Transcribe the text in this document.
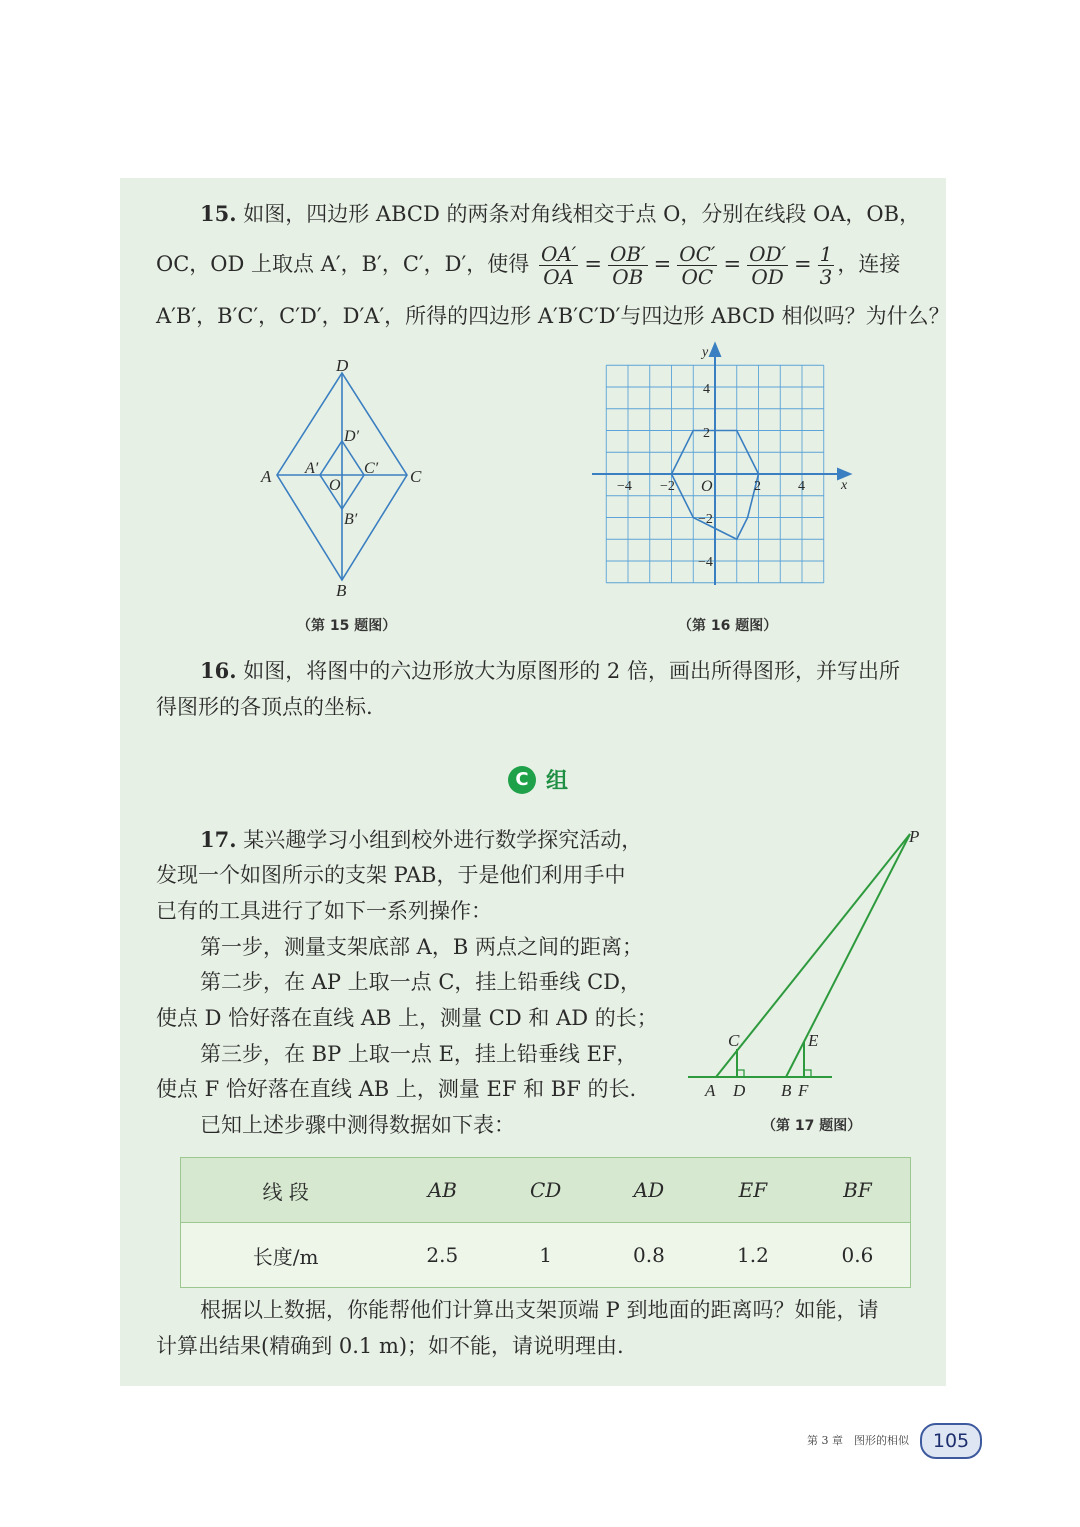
15. 如图，四边形 ABCD 的两条对角线相交于点 O，分别在线段 OA，OB，
OC，OD 上取点 A′，B′，C′，D′，使得 $\frac{OA'}{OA} = \frac{OB'}{OB} = \frac{OC'}{OC} = \frac{OD'}{OD} = \frac{1}{3}$ ，连接
A′B′，B′C′，C′D′，D′A′，所得的四边形 A′B′C′D′与四边形 ABCD 相似吗？为什么？
D
B
A	C
O
D′
B′
A′	C′
（第 15 题图）
x
y
O
−4 −2	2	4
4
2
−2
−4
（第 16 题图）
16. 如图，将图中的六边形放大为原图形的 2 倍，画出所得图形，并写出所
得图形的各顶点的坐标.
C 组
17. 某兴趣学习小组到校外进行数学探究活动，
发现一个如图所示的支架 PAB，于是他们利用手中
已有的工具进行了如下一系列操作：
第一步，测量支架底部 A，B 两点之间的距离；
第二步，在 AP 上取一点 C，挂上铅垂线 CD，
使点 D 恰好落在直线 AB 上，测量 CD 和 AD 的长；
第三步，在 BP 上取一点 E，挂上铅垂线 EF，
使点 F 恰好落在直线 AB 上，测量 EF 和 BF 的长.
已知上述步骤中测得数据如下表：
P
A D B F
C	E
（第 17 题图）
线 段	AB	CD	AD	EF	BF
长度/m	2.5	1	0.8	1.2	0.6
根据以上数据，你能帮他们计算出支架顶端 P 到地面的距离吗？如能，请
计算出结果(精确到 0.1 m)；如不能，请说明理由.
第 3 章　图形的相似	105
